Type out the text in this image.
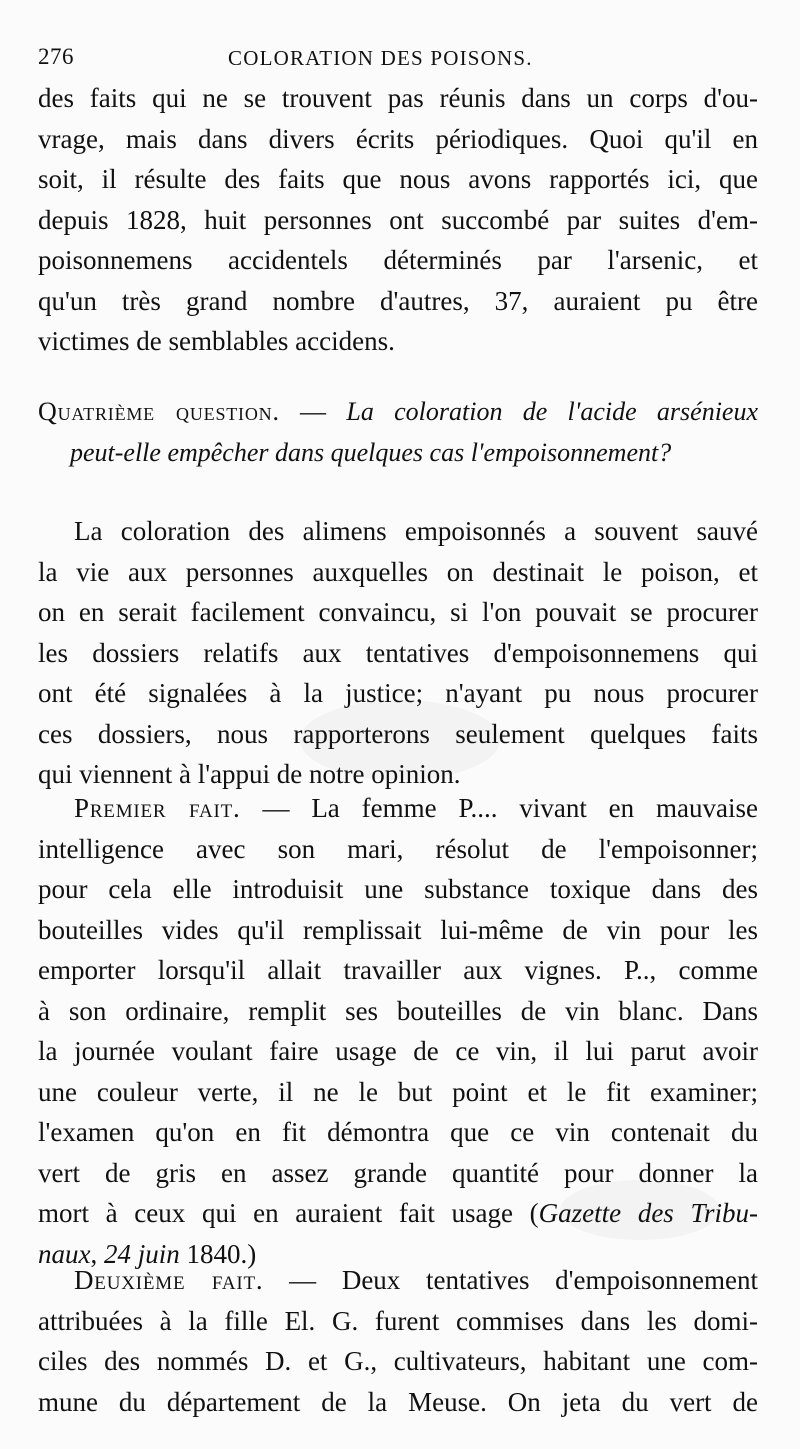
276	COLORATION DES POISONS.
des faits qui ne se trouvent pas réunis dans un corps d'ou-
vrage, mais dans divers écrits périodiques. Quoi qu'il en
soit, il résulte des faits que nous avons rapportés ici, que
depuis 1828, huit personnes ont succombé par suites d'em-
poisonnemens accidentels déterminés par l'arsenic, et
qu'un très grand nombre d'autres, 37, auraient pu être
victimes de semblables accidens.
Quatrième question. — La coloration de l'acide arsénieux
peut-elle empêcher dans quelques cas l'empoisonnement?
La coloration des alimens empoisonnés a souvent sauvé
la vie aux personnes auxquelles on destinait le poison, et
on en serait facilement convaincu, si l'on pouvait se procurer
les dossiers relatifs aux tentatives d'empoisonnemens qui
ont été signalées à la justice; n'ayant pu nous procurer
ces dossiers, nous rapporterons seulement quelques faits
qui viennent à l'appui de notre opinion.
Premier fait. — La femme P.... vivant en mauvaise
intelligence avec son mari, résolut de l'empoisonner;
pour cela elle introduisit une substance toxique dans des
bouteilles vides qu'il remplissait lui-même de vin pour les
emporter lorsqu'il allait travailler aux vignes. P.., comme
à son ordinaire, remplit ses bouteilles de vin blanc. Dans
la journée voulant faire usage de ce vin, il lui parut avoir
une couleur verte, il ne le but point et le fit examiner;
l'examen qu'on en fit démontra que ce vin contenait du
vert de gris en assez grande quantité pour donner la
mort à ceux qui en auraient fait usage (Gazette des Tribu-
naux, 24 juin 1840.)
Deuxième fait. — Deux tentatives d'empoisonnement
attribuées à la fille El. G. furent commises dans les domi-
ciles des nommés D. et G., cultivateurs, habitant une com-
mune du département de la Meuse. On jeta du vert de
